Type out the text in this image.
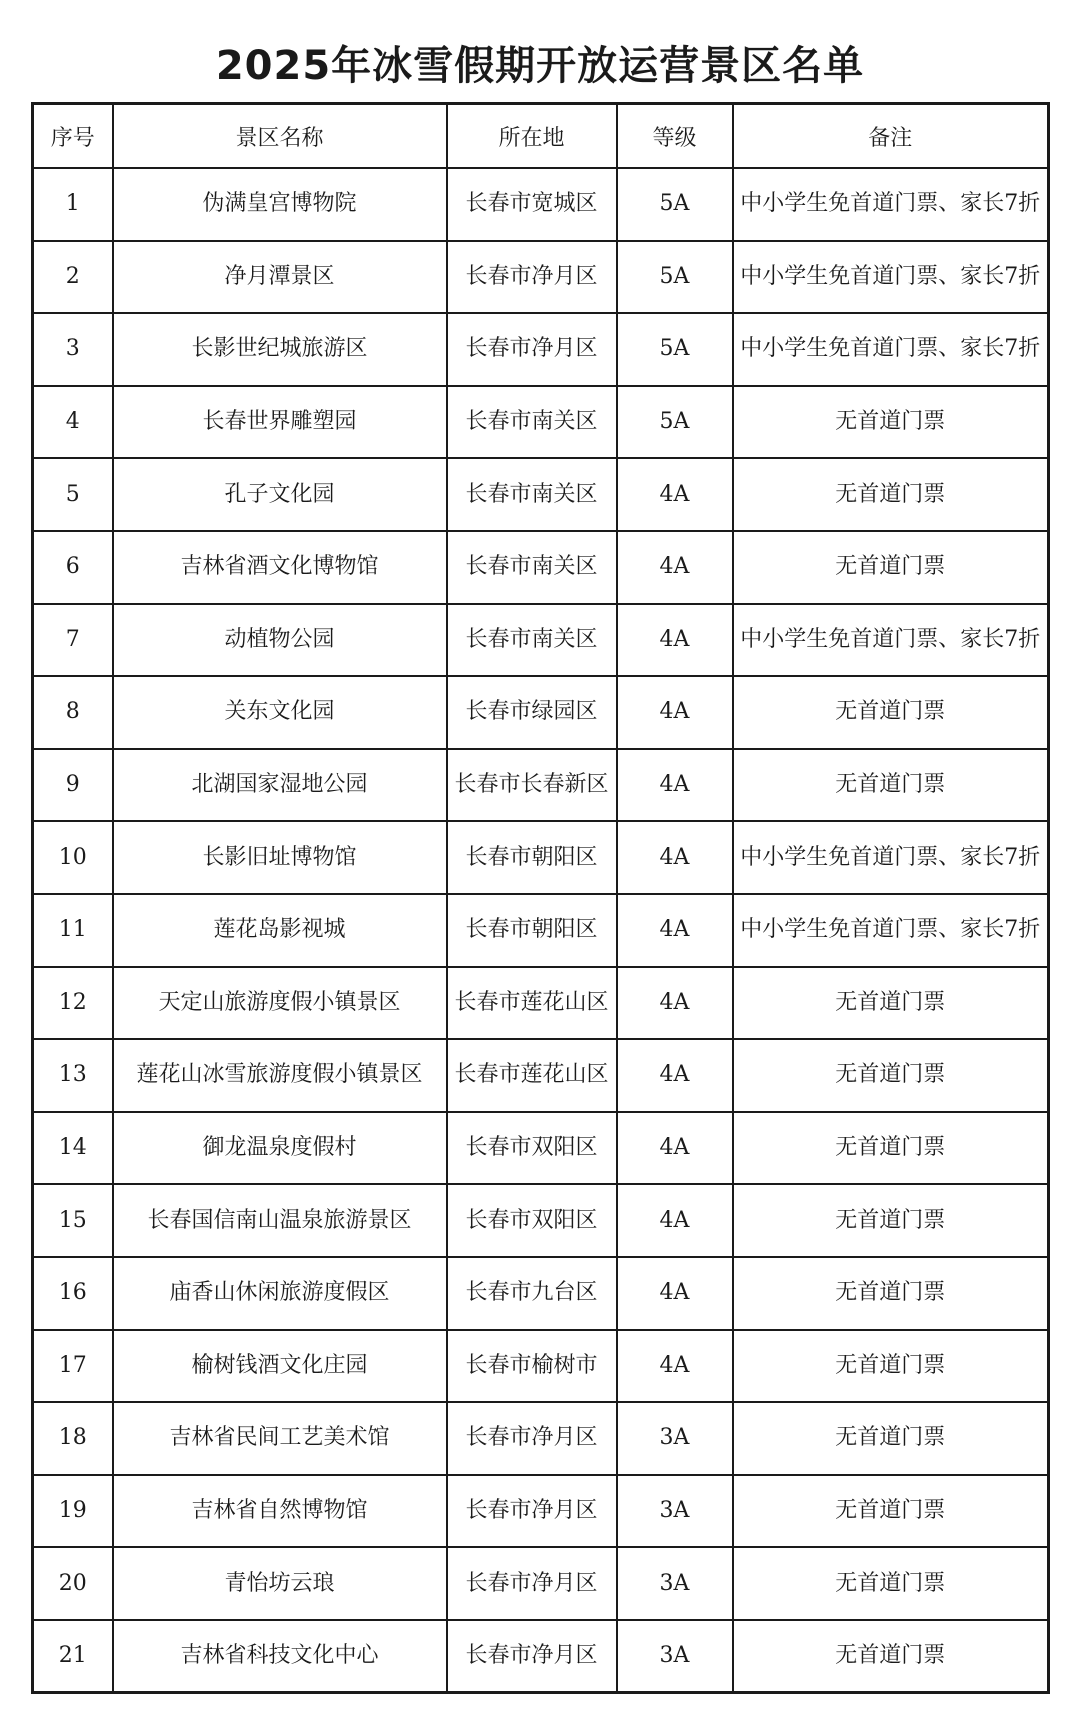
2025年冰雪假期开放运营景区名单
序号	景区名称	所在地	等级	备注
1	伪满皇宫博物院	长春市宽城区	5A	中小学生免首道门票、家长7折
2	净月潭景区	长春市净月区	5A	中小学生免首道门票、家长7折
3	长影世纪城旅游区	长春市净月区	5A	中小学生免首道门票、家长7折
4	长春世界雕塑园	长春市南关区	5A	无首道门票
5	孔子文化园	长春市南关区	4A	无首道门票
6	吉林省酒文化博物馆	长春市南关区	4A	无首道门票
7	动植物公园	长春市南关区	4A	中小学生免首道门票、家长7折
8	关东文化园	长春市绿园区	4A	无首道门票
9	北湖国家湿地公园	长春市长春新区	4A	无首道门票
10	长影旧址博物馆	长春市朝阳区	4A	中小学生免首道门票、家长7折
11	莲花岛影视城	长春市朝阳区	4A	中小学生免首道门票、家长7折
12	天定山旅游度假小镇景区	长春市莲花山区	4A	无首道门票
13	莲花山冰雪旅游度假小镇景区	长春市莲花山区	4A	无首道门票
14	御龙温泉度假村	长春市双阳区	4A	无首道门票
15	长春国信南山温泉旅游景区	长春市双阳区	4A	无首道门票
16	庙香山休闲旅游度假区	长春市九台区	4A	无首道门票
17	榆树钱酒文化庄园	长春市榆树市	4A	无首道门票
18	吉林省民间工艺美术馆	长春市净月区	3A	无首道门票
19	吉林省自然博物馆	长春市净月区	3A	无首道门票
20	青怡坊云琅	长春市净月区	3A	无首道门票
21	吉林省科技文化中心	长春市净月区	3A	无首道门票
